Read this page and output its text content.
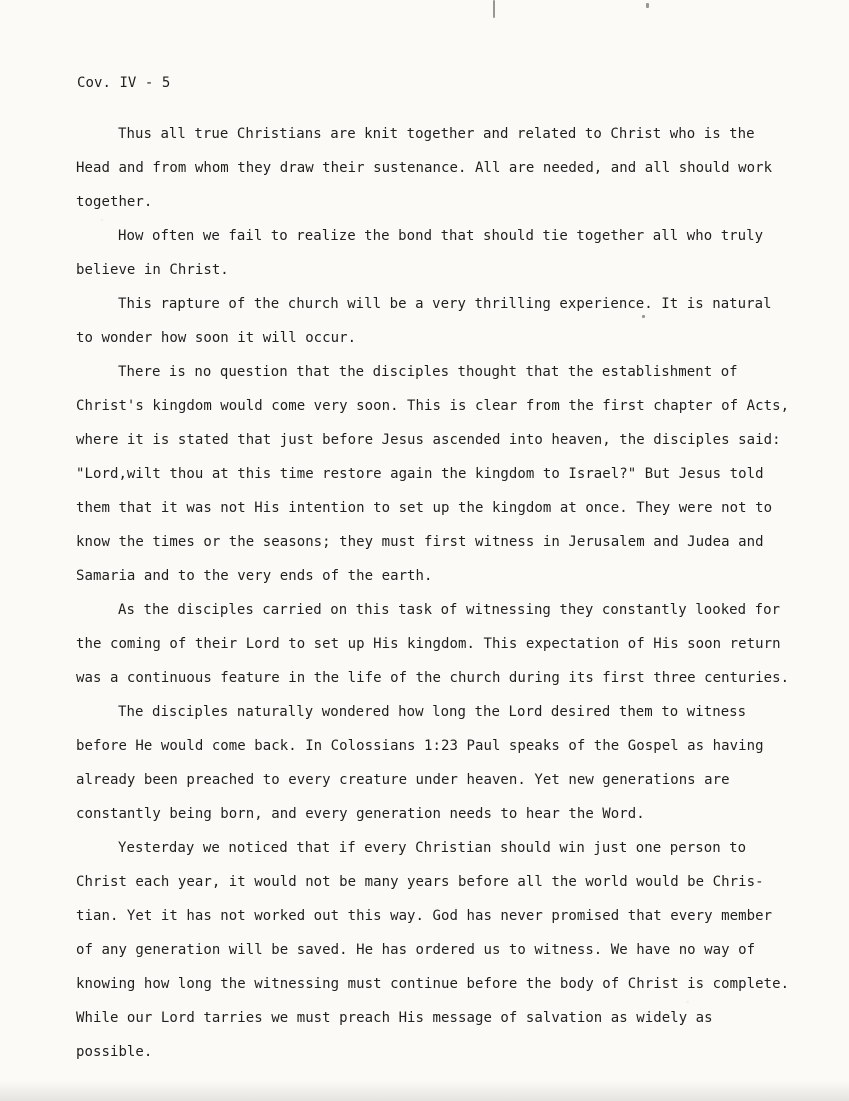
Cov. IV - 5

Thus all true Christians are knit together and related to Christ who is the Head and from whom they draw their sustenance. All are needed, and all should work together.

How often we fail to realize the bond that should tie together all who truly believe in Christ.

This rapture of the church will be a very thrilling experience. It is natural to wonder how soon it will occur.

There is no question that the disciples thought that the establishment of Christ's kingdom would come very soon. This is clear from the first chapter of Acts, where it is stated that just before Jesus ascended into heaven, the disciples said: "Lord,wilt thou at this time restore again the kingdom to Israel?" But Jesus told them that it was not His intention to set up the kingdom at once. They were not to know the times or the seasons; they must first witness in Jerusalem and Judea and Samaria and to the very ends of the earth.

As the disciples carried on this task of witnessing they constantly looked for the coming of their Lord to set up His kingdom. This expectation of His soon return was a continuous feature in the life of the church during its first three centuries.

The disciples naturally wondered how long the Lord desired them to witness before He would come back. In Colossians 1:23 Paul speaks of the Gospel as having already been preached to every creature under heaven. Yet new generations are constantly being born, and every generation needs to hear the Word.

Yesterday we noticed that if every Christian should win just one person to Christ each year, it would not be many years before all the world would be Chris- tian. Yet it has not worked out this way. God has never promised that every member of any generation will be saved. He has ordered us to witness. We have no way of knowing how long the witnessing must continue before the body of Christ is complete. While our Lord tarries we must preach His message of salvation as widely as possible.
